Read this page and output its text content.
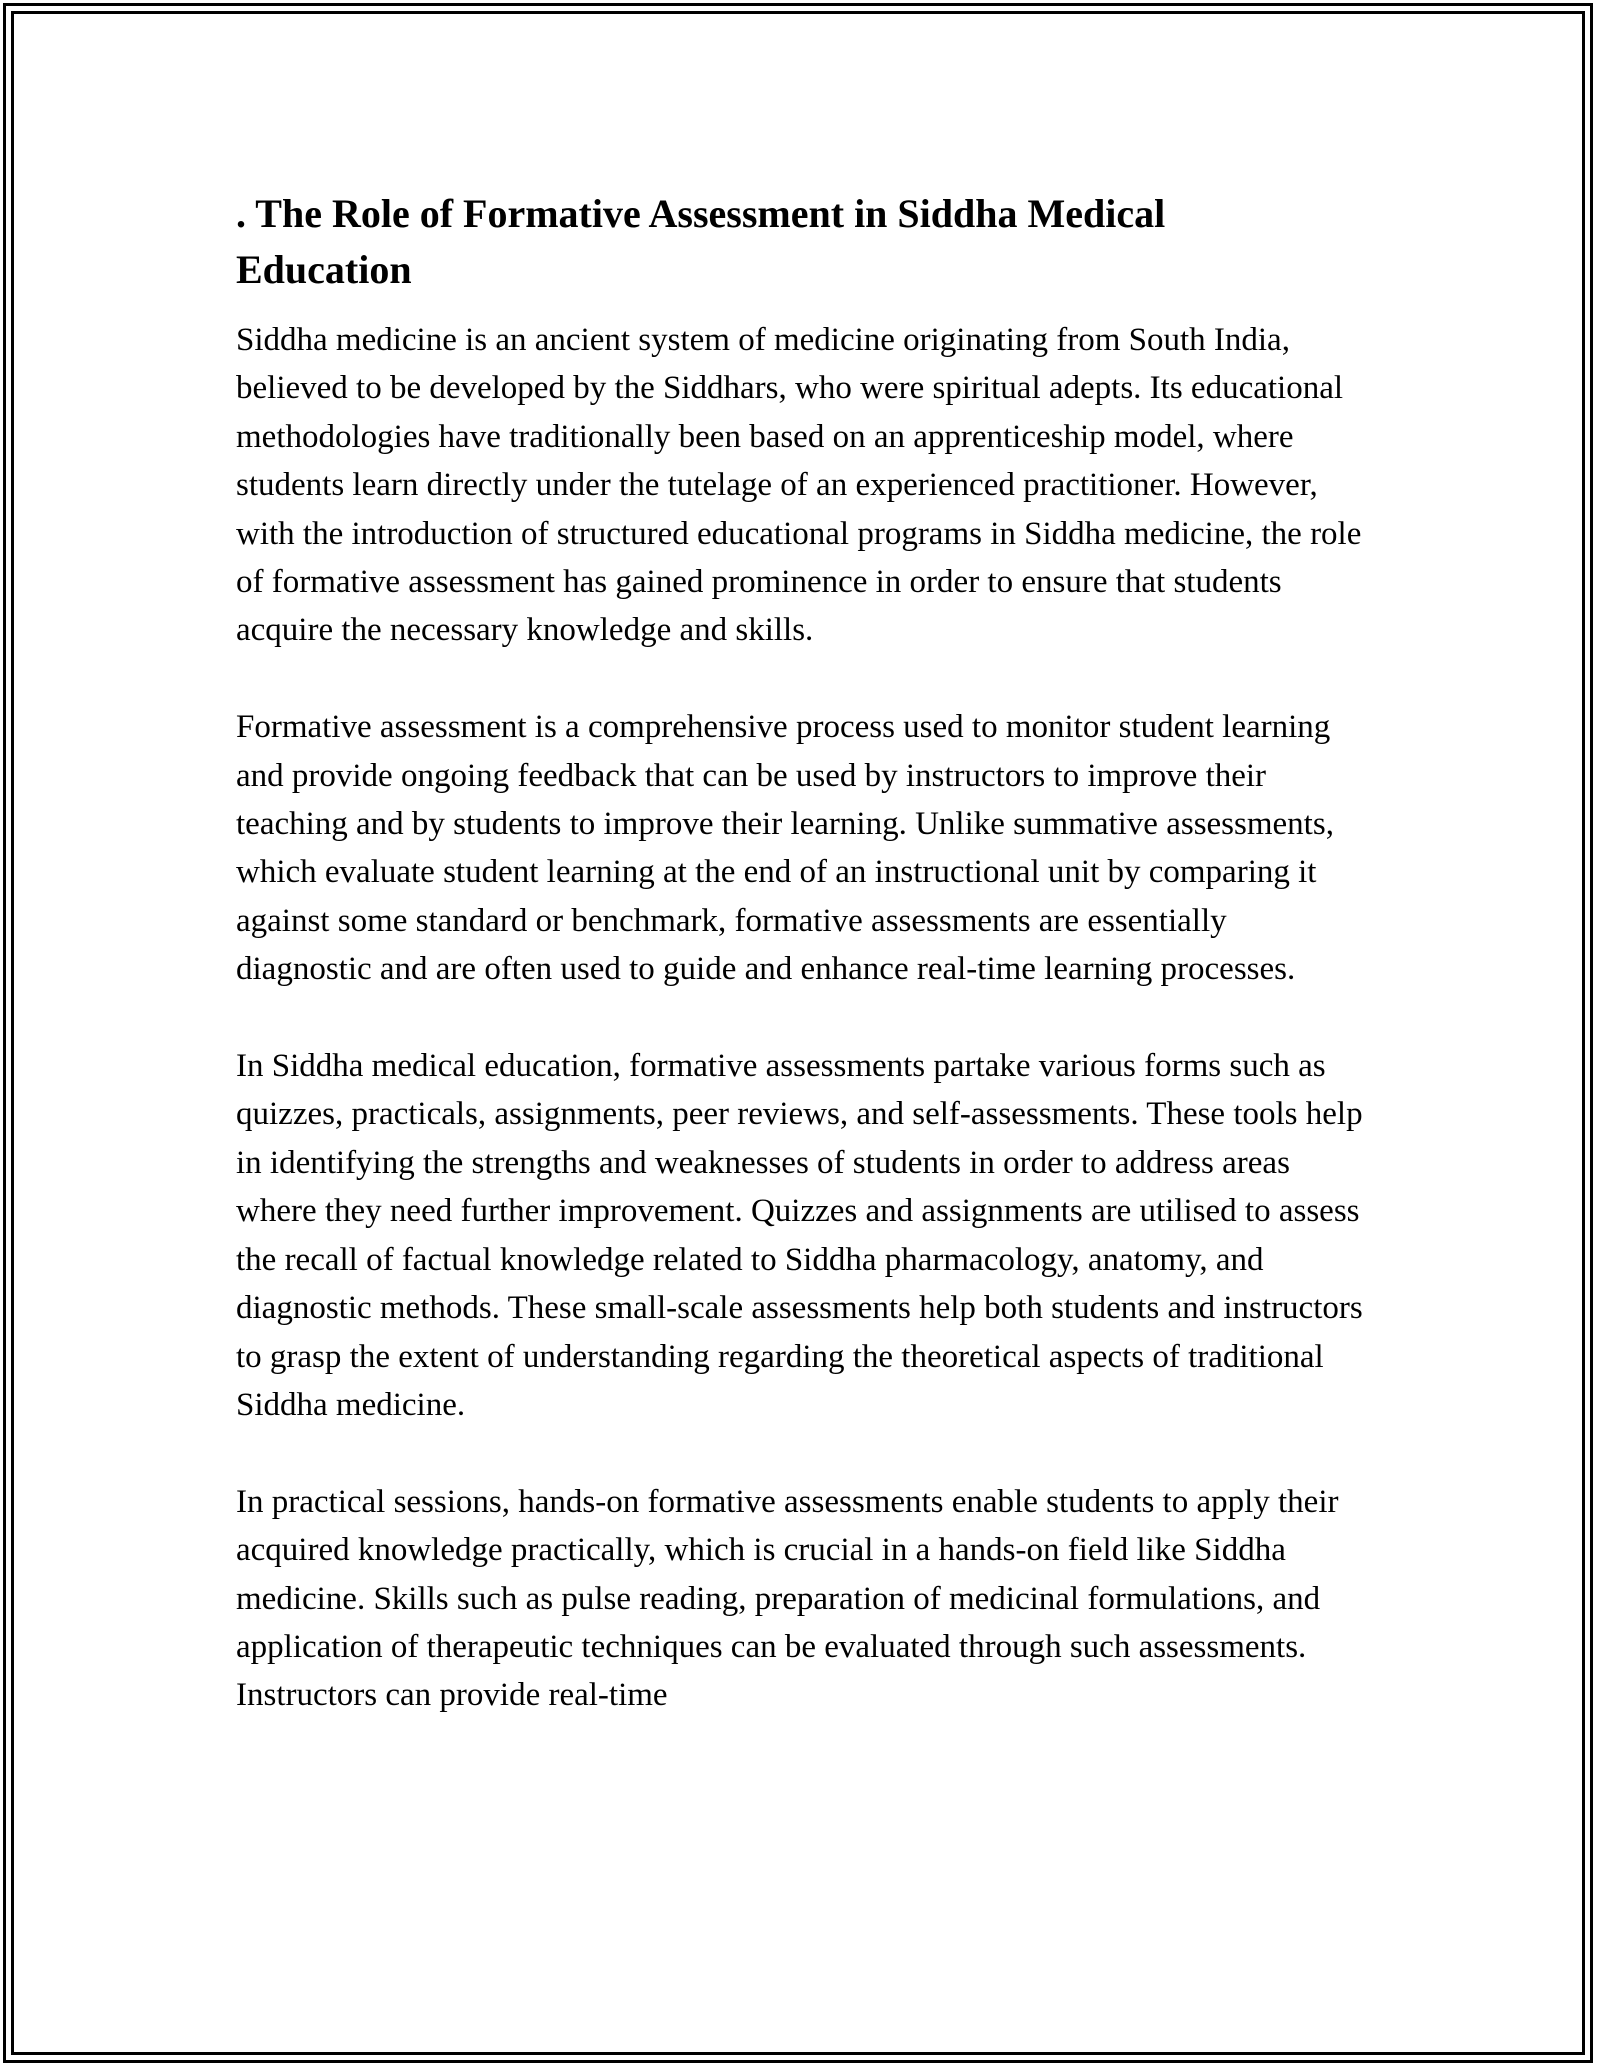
. The Role of Formative Assessment in Siddha Medical Education

Siddha medicine is an ancient system of medicine originating from South India, believed to be developed by the Siddhars, who were spiritual adepts. Its educational methodologies have traditionally been based on an apprenticeship model, where students learn directly under the tutelage of an experienced practitioner. However, with the introduction of structured educational programs in Siddha medicine, the role of formative assessment has gained prominence in order to ensure that students acquire the necessary knowledge and skills.

Formative assessment is a comprehensive process used to monitor student learning and provide ongoing feedback that can be used by instructors to improve their teaching and by students to improve their learning. Unlike summative assessments, which evaluate student learning at the end of an instructional unit by comparing it against some standard or benchmark, formative assessments are essentially diagnostic and are often used to guide and enhance real-time learning processes.

In Siddha medical education, formative assessments partake various forms such as quizzes, practicals, assignments, peer reviews, and self-assessments. These tools help in identifying the strengths and weaknesses of students in order to address areas where they need further improvement. Quizzes and assignments are utilised to assess the recall of factual knowledge related to Siddha pharmacology, anatomy, and diagnostic methods. These small-scale assessments help both students and instructors to grasp the extent of understanding regarding the theoretical aspects of traditional Siddha medicine.

In practical sessions, hands-on formative assessments enable students to apply their acquired knowledge practically, which is crucial in a hands-on field like Siddha medicine. Skills such as pulse reading, preparation of medicinal formulations, and application of therapeutic techniques can be evaluated through such assessments. Instructors can provide real-time
